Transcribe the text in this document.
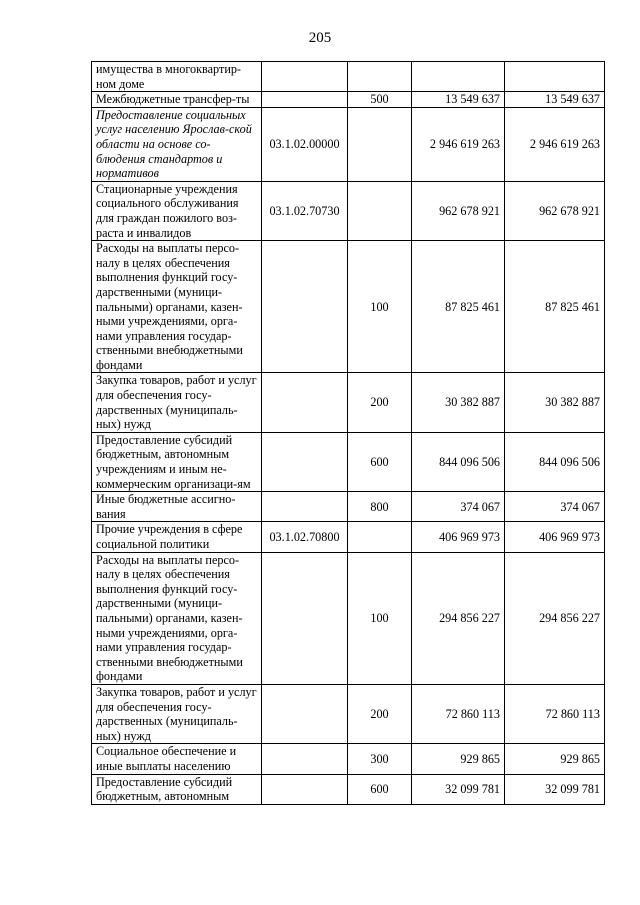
205
имущества в многоквартир-ном доме				
Межбюджетные трансфер-ты		500	13 549 637	13 549 637
Предоставление социальных услуг населению Ярослав-ской области на основе со-блюдения стандартов и нормативов	03.1.02.00000		2 946 619 263	2 946 619 263
Стационарные учреждения социального обслуживания для граждан пожилого воз-раста и инвалидов	03.1.02.70730		962 678 921	962 678 921
Расходы на выплаты персо-налу в целях обеспечения выполнения функций госу-дарственными (муници-пальными) органами, казен-ными учреждениями, орга-нами управления государ-ственными внебюджетными фондами		100	87 825 461	87 825 461
Закупка товаров, работ и услуг для обеспечения госу-дарственных (муниципаль-ных) нужд		200	30 382 887	30 382 887
Предоставление субсидий бюджетным, автономным учреждениям и иным не-коммерческим организаци-ям		600	844 096 506	844 096 506
Иные бюджетные ассигно-вания		800	374 067	374 067
Прочие учреждения в сфере социальной политики	03.1.02.70800		406 969 973	406 969 973
Расходы на выплаты персо-налу в целях обеспечения выполнения функций госу-дарственными (муници-пальными) органами, казен-ными учреждениями, орга-нами управления государ-ственными внебюджетными фондами		100	294 856 227	294 856 227
Закупка товаров, работ и услуг для обеспечения госу-дарственных (муниципаль-ных) нужд		200	72 860 113	72 860 113
Социальное обеспечение и иные выплаты населению		300	929 865	929 865
Предоставление субсидий бюджетным, автономным		600	32 099 781	32 099 781
